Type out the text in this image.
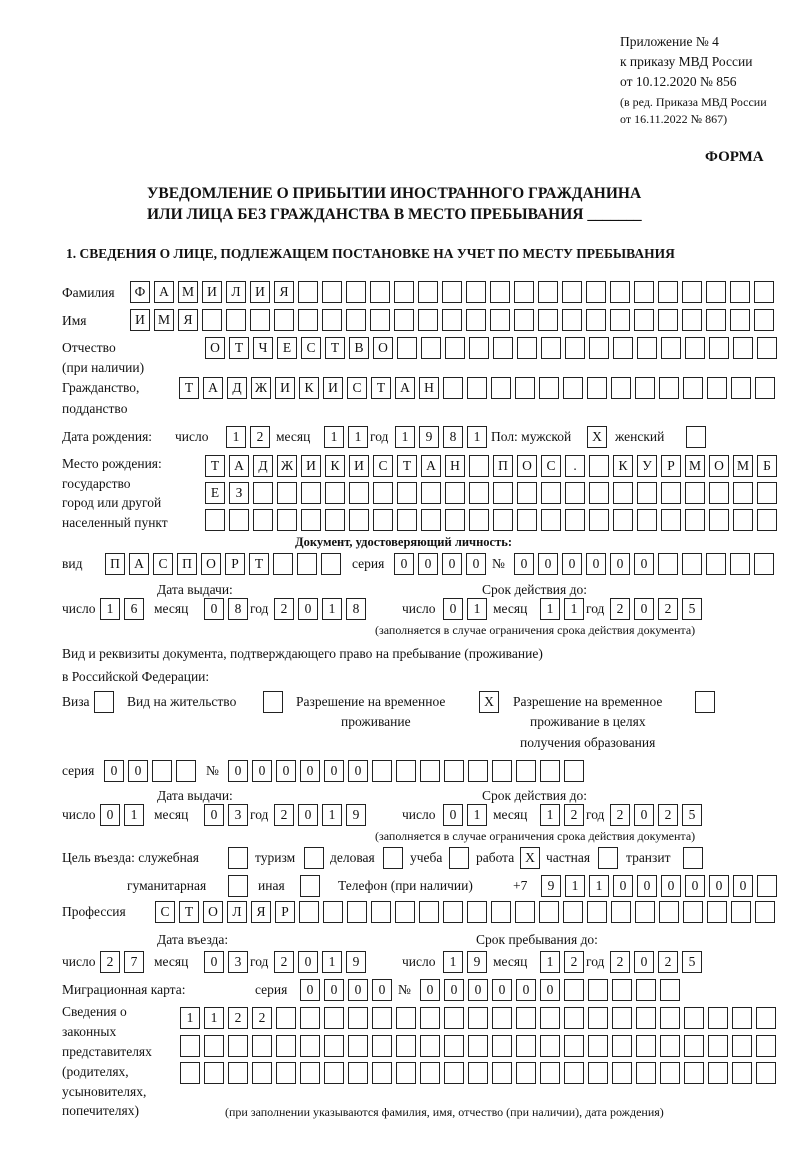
Приложение № 4
к приказу МВД России
от 10.12.2020 № 856
(в ред. Приказа МВД России
от 16.11.2022 № 867)
ФОРМА
УВЕДОМЛЕНИЕ О ПРИБЫТИИ ИНОСТРАННОГО ГРАЖДАНИНА
ИЛИ ЛИЦА БЕЗ ГРАЖДАНСТВА В МЕСТО ПРЕБЫВАНИЯ _______
1. СВЕДЕНИЯ О ЛИЦЕ, ПОДЛЕЖАЩЕМ ПОСТАНОВКЕ НА УЧЕТ ПО МЕСТУ ПРЕБЫВАНИЯ
Фамилия	Ф	А М И	Л	И	Я
Имя	И М Я
Отчество
(при наличии)
О	Т	Ч	Е	С	Т	В	О
Гражданство,
подданство
Т	А	Д Ж И	К	И	С	Т	А	Н
Дата рождения: число	1	2 месяц	1	1 год 1	9	8	1 Пол: мужской	X женский
Место рождения:
государство
город или другой
населенный пункт
Т	А	Д Ж И	К	И	С	Т	А	Н	П	О	С	.	К	У	Р	М О М	Б
Е	З
Документ, удостоверяющий личность:
вид	П	А	С	П	О	Р	Т	серия	0	0	0	0 №	0	0	0	0	0	0
Дата выдачи:	Срок действия до:
число 1	6	месяц	0	8 год 2	0	1	8	число	0	1 месяц	1	1 год 2	0	2	5
(заполняется в случае ограничения срока действия документа)
Вид и реквизиты документа, подтверждающего право на пребывание (проживание)
в Российской Федерации:
Виза	Вид на жительство	Разрешение на временное
проживание
X	Разрешение на временное
проживание в целях
получения образования
серия	0	0	№	0	0	0	0	0	0
Дата выдачи:	Срок действия до:
число 0	1	месяц	0	3 год 2	0	1	9	число	0	1 месяц	1	2 год 2	0	2	5
(заполняется в случае ограничения срока действия документа)
Цель въезда: служебная	туризм	деловая	учеба работа X частная	транзит
гуманитарная	иная	Телефон (при наличии)	+7	9	1	1	0	0	0	0	0	0
Профессия	С	Т	О	Л	Я	Р
Дата въезда:	Срок пребывания до:
число 2	7	месяц	0	3 год 2	0	1	9	число	1	9 месяц	1	2 год 2	0	2	5
Миграционная карта:	серия	0	0	0	0 №	0	0	0	0	0	0
Сведения о
законных
представителях
(родителях,
усыновителях,
попечителях)
1	1	2	2
(при заполнении указываются фамилия, имя, отчество (при наличии), дата рождения)
